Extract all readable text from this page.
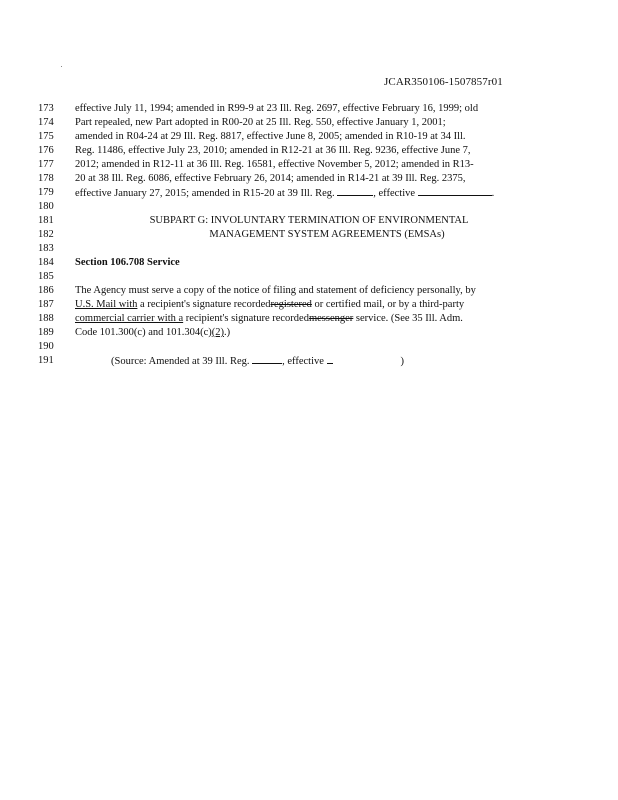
JCAR350106-1507857r01
173	effective July 11, 1994; amended in R99-9 at 23 Ill. Reg. 2697, effective February 16, 1999; old
174	Part repealed, new Part adopted in R00-20 at 25 Ill. Reg. 550, effective January 1, 2001;
175	amended in R04-24 at 29 Ill. Reg. 8817, effective June 8, 2005; amended in R10-19 at 34 Ill.
176	Reg. 11486, effective July 23, 2010; amended in R12-21 at 36 Ill. Reg. 9236, effective June 7,
177	2012; amended in R12-11 at 36 Ill. Reg. 16581, effective November 5, 2012; amended in R13-
178	20 at 38 Ill. Reg. 6086, effective February 26, 2014; amended in R14-21 at 39 Ill. Reg. 2375,
179	effective January 27, 2015; amended in R15-20 at 39 Ill. Reg.	, effective	.
180
181	SUBPART G: INVOLUNTARY TERMINATION OF ENVIRONMENTAL
182	MANAGEMENT SYSTEM AGREEMENTS (EMSAs)
183
184	Section 106.708 Service
185
186	The Agency must serve a copy of the notice of filing and statement of deficiency personally, by
187	U.S. Mail with a recipient's signature recordedregistered or certified mail, or by a third-party
188	commercial carrier with a recipient's signature recordedmessenger service. (See 35 Ill. Adm.
189	Code 101.300(c) and 101.304(c)(2).)
190
191	(Source: Amended at 39 Ill. Reg.	, effective	)
